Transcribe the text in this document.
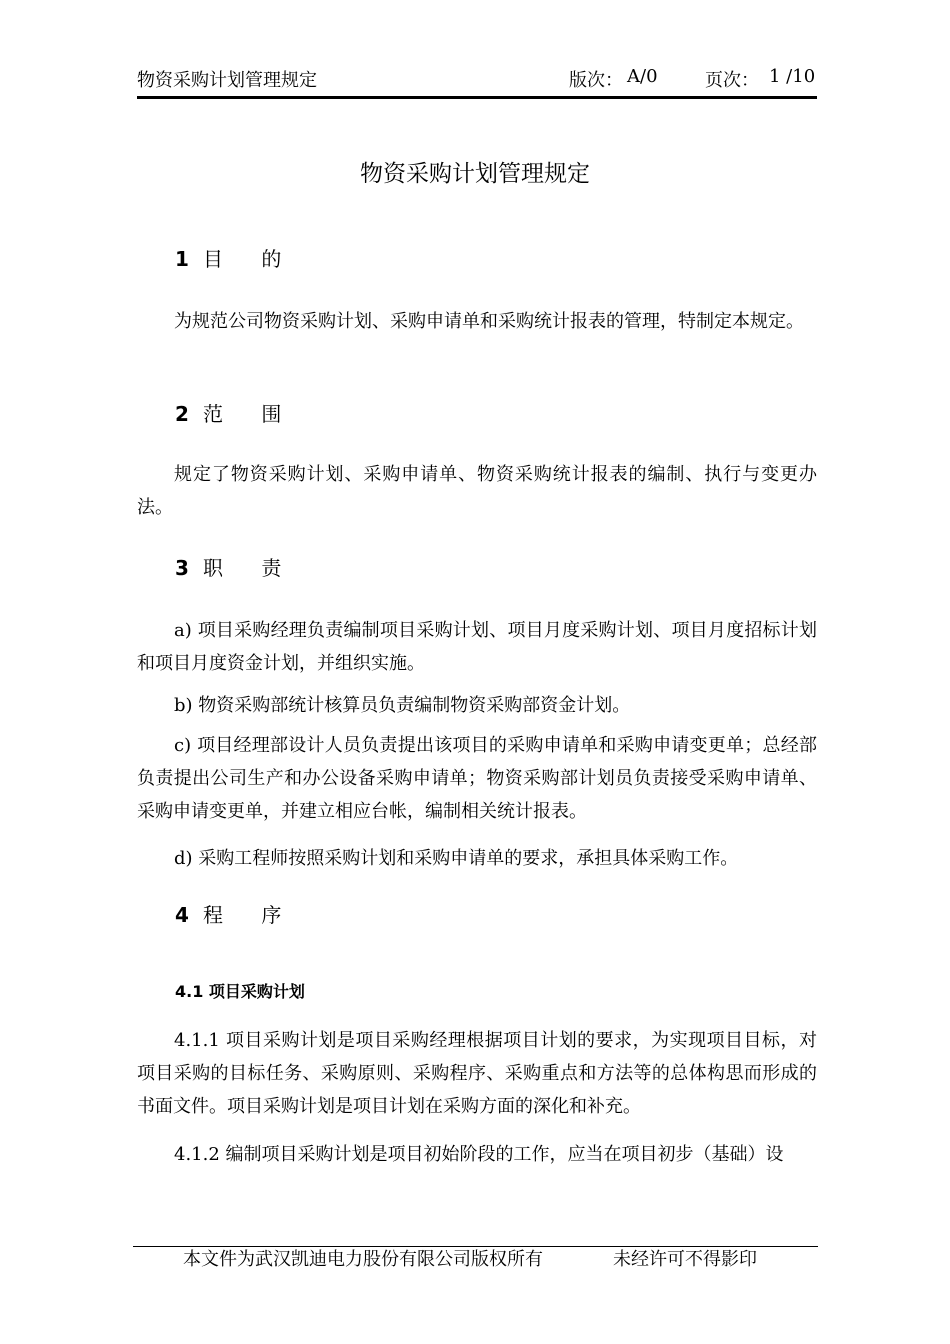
物资采购计划管理规定	版次： A/0	页次： 1 /10
物资采购计划管理规定
1 目 的
为规范公司物资采购计划、采购申请单和采购统计报表的管理，特制定本规定。
2 范 围
规定了物资采购计划、采购申请单、物资采购统计报表的编制、执行与变更办法。
3 职 责
a) 项目采购经理负责编制项目采购计划、项目月度采购计划、项目月度招标计划和项目月度资金计划，并组织实施。
b) 物资采购部统计核算员负责编制物资采购部资金计划。
c) 项目经理部设计人员负责提出该项目的采购申请单和采购申请变更单；总经部负责提出公司生产和办公设备采购申请单；物资采购部计划员负责接受采购申请单、采购申请变更单，并建立相应台帐，编制相关统计报表。
d) 采购工程师按照采购计划和采购申请单的要求，承担具体采购工作。
4 程 序
4.1 项目采购计划
4.1.1 项目采购计划是项目采购经理根据项目计划的要求，为实现项目目标，对项目采购的目标任务、采购原则、采购程序、采购重点和方法等的总体构思而形成的书面文件。项目采购计划是项目计划在采购方面的深化和补充。
4.1.2 编制项目采购计划是项目初始阶段的工作，应当在项目初步（基础）设
本文件为武汉凯迪电力股份有限公司版权所有	未经许可不得影印
